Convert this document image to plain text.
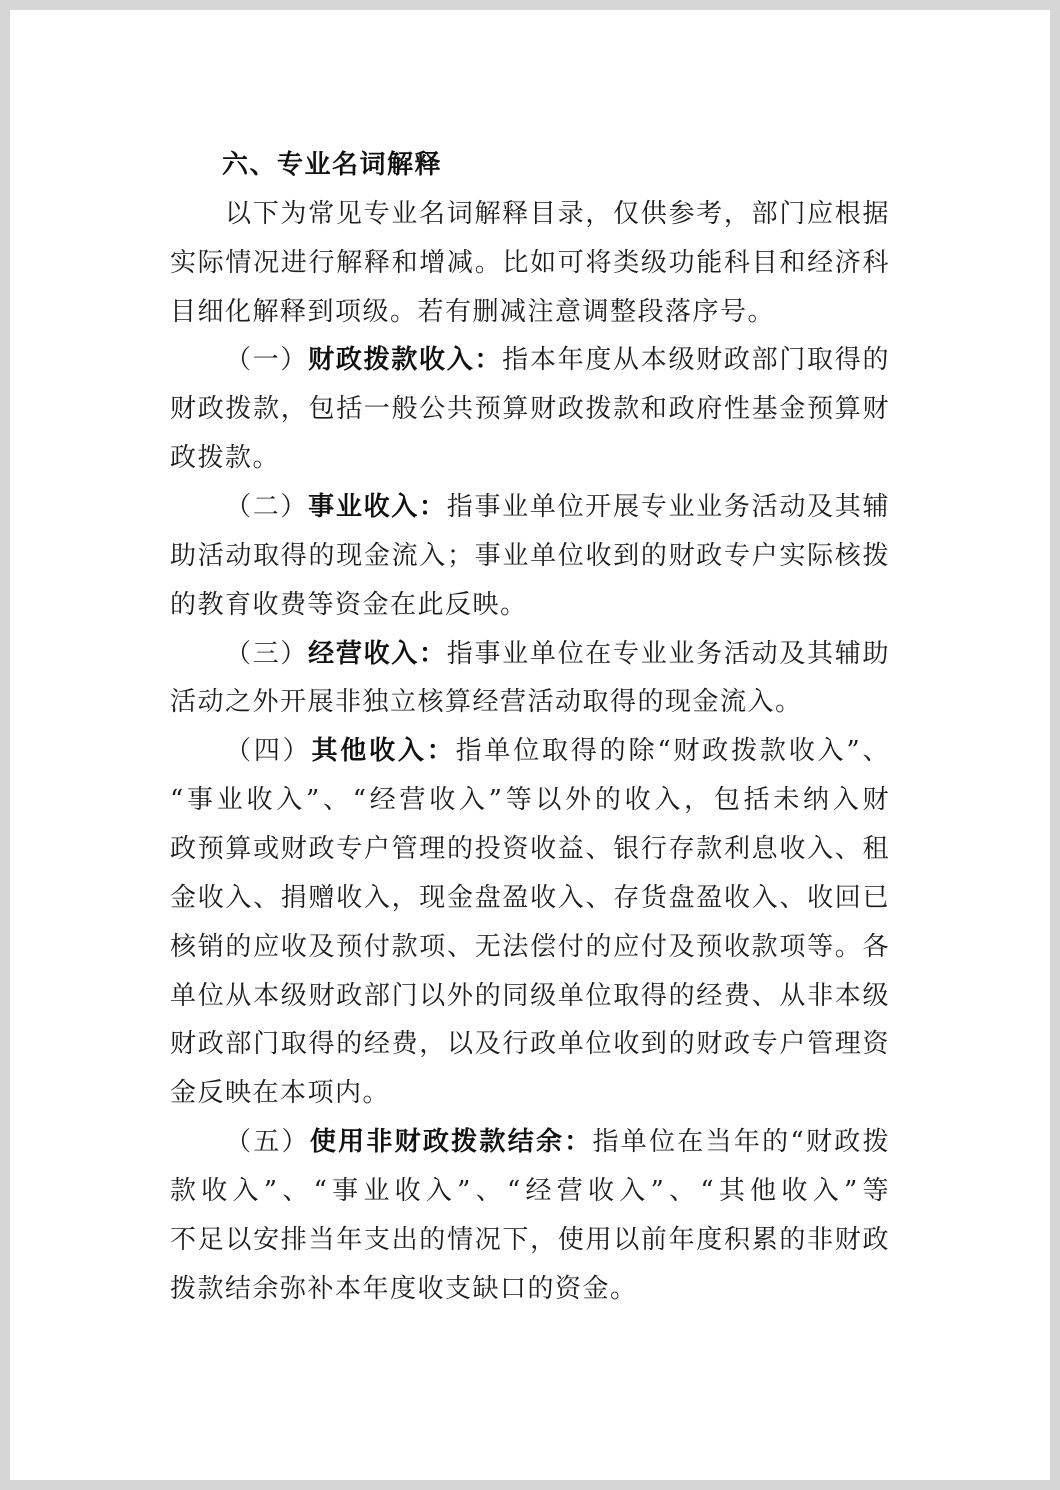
六、专业名词解释
以下为常见专业名词解释目录，仅供参考，部门应根据
实际情况进行解释和增减。比如可将类级功能科目和经济科
目细化解释到项级。若有删减注意调整段落序号。
（一）财政拨款收入：指本年度从本级财政部门取得的
财政拨款，包括一般公共预算财政拨款和政府性基金预算财
政拨款。
（二）事业收入：指事业单位开展专业业务活动及其辅
助活动取得的现金流入；事业单位收到的财政专户实际核拨
的教育收费等资金在此反映。
（三）经营收入：指事业单位在专业业务活动及其辅助
活动之外开展非独立核算经营活动取得的现金流入。
（四）其他收入：指单位取得的除“财政拨款收入”、
“事业收入”、“经营收入”等以外的收入，包括未纳入财
政预算或财政专户管理的投资收益、银行存款利息收入、租
金收入、捐赠收入，现金盘盈收入、存货盘盈收入、收回已
核销的应收及预付款项、无法偿付的应付及预收款项等。各
单位从本级财政部门以外的同级单位取得的经费、从非本级
财政部门取得的经费，以及行政单位收到的财政专户管理资
金反映在本项内。
（五）使用非财政拨款结余：指单位在当年的“财政拨
款收入”、“事业收入”、“经营收入”、“其他收入”等
不足以安排当年支出的情况下，使用以前年度积累的非财政
拨款结余弥补本年度收支缺口的资金。
